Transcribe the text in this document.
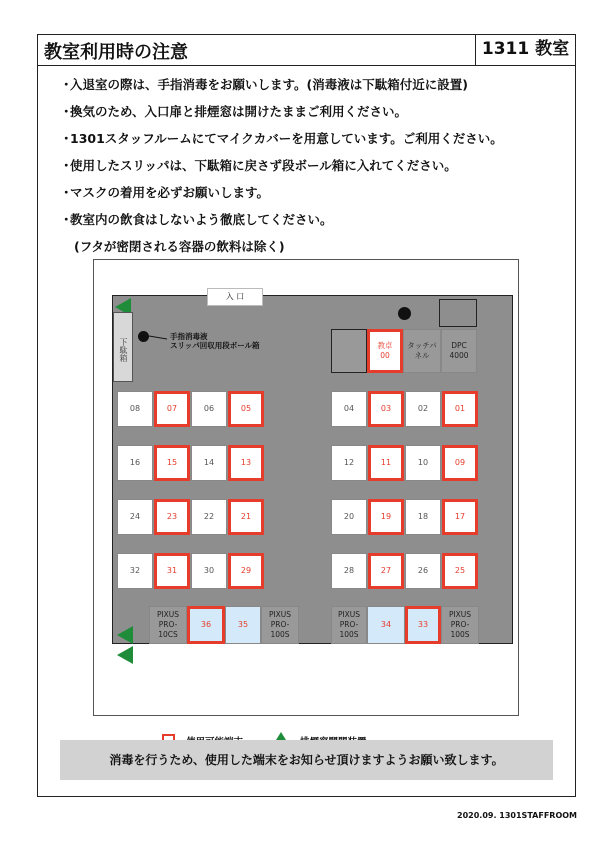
教室利用時の注意	1311 教室
・入退室の際は、手指消毒をお願いします。(消毒液は下駄箱付近に設置)
・換気のため、入口扉と排煙窓は開けたままご利用ください。
・1301スタッフルームにてマイクカバーを用意しています。ご利用ください。
・使用したスリッパは、下駄箱に戻さず段ボール箱に入れてください。
・マスクの着用を必ずお願いします。
・教室内の飲食はしないよう徹底してください。
(フタが密閉される容器の飲料は除く)
入 口
下駄箱
手指消毒液
スリッパ回収用段ボール箱	教卓
00
タッチパネル
DPC 4000
08	07	06	05
16	15	14	13
24	23	22	21
32	31	30	29
04	03	02	01
12	11	10	09
20	19	18	17
28	27	26	25
PIXUS PRO-10CS
36	35
PIXUS PRO-100S
PIXUS PRO-100S
34	33
PIXUS PRO-100S
消毒を行うため、使用した端末をお知らせ頂けますようお願い致します。
2020.09. 1301STAFFROOM
